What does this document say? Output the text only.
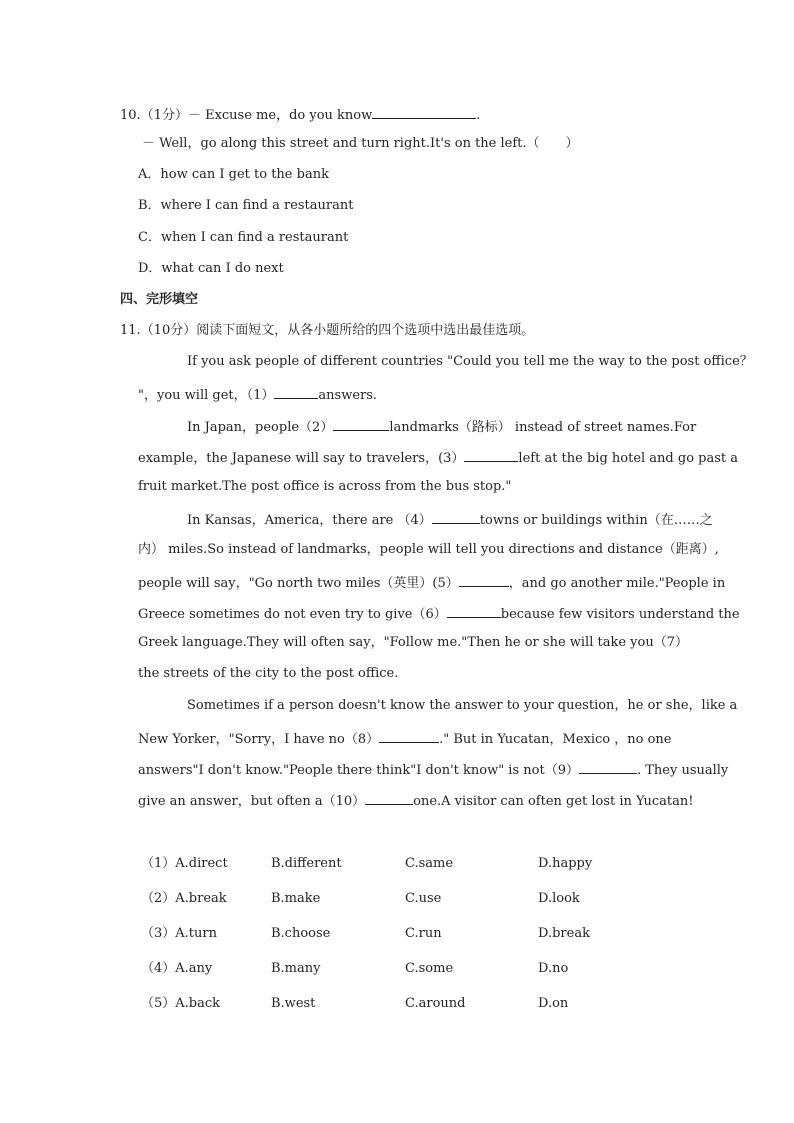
10.（1分）－ Excuse me，do you know	.
－ Well，go along this street and turn right.It's on the left.（　　）
A．how can I get to the bank
B．where I can find a restaurant
C．when I can find a restaurant
D．what can I do next
四、完形填空
11.（10分）阅读下面短文，从各小题所给的四个选项中选出最佳选项。
If you ask people of different countries "Could you tell me the way to the post office？
"，you will get，（1）	answers.
In Japan，people（2）	landmarks（路标） instead of street names.For
example，the Japanese will say to travelers，(3）	left at the big hotel and go past a
fruit market.The post office is across from the bus stop."
In Kansas，America，there are （4）	towns or buildings within（在……之
内） miles.So instead of landmarks，people will tell you directions and distance（距离）,
people will say，"Go north two miles（英里）(5）	，and go another mile."People in
Greece sometimes do not even try to give（6）	because few visitors understand the
Greek language.They will often say，"Follow me."Then he or she will take you（7）
the streets of the city to the post office.
Sometimes if a person doesn't know the answer to your question，he or she，like a
New Yorker，"Sorry，I have no（8）	." But in Yucatan，Mexico ，no one
answers"I don't know."People there think"I don't know" is not（9）	. They usually
give an answer，but often a（10）	one.A visitor can often get lost in Yucatan!
（1）A.direct	B.different	C.same	D.happy
（2）A.break	B.make	C.use	D.look
（3）A.turn	B.choose	C.run	D.break
（4）A.any	B.many	C.some	D.no
（5）A.back	B.west	C.around	D.on
